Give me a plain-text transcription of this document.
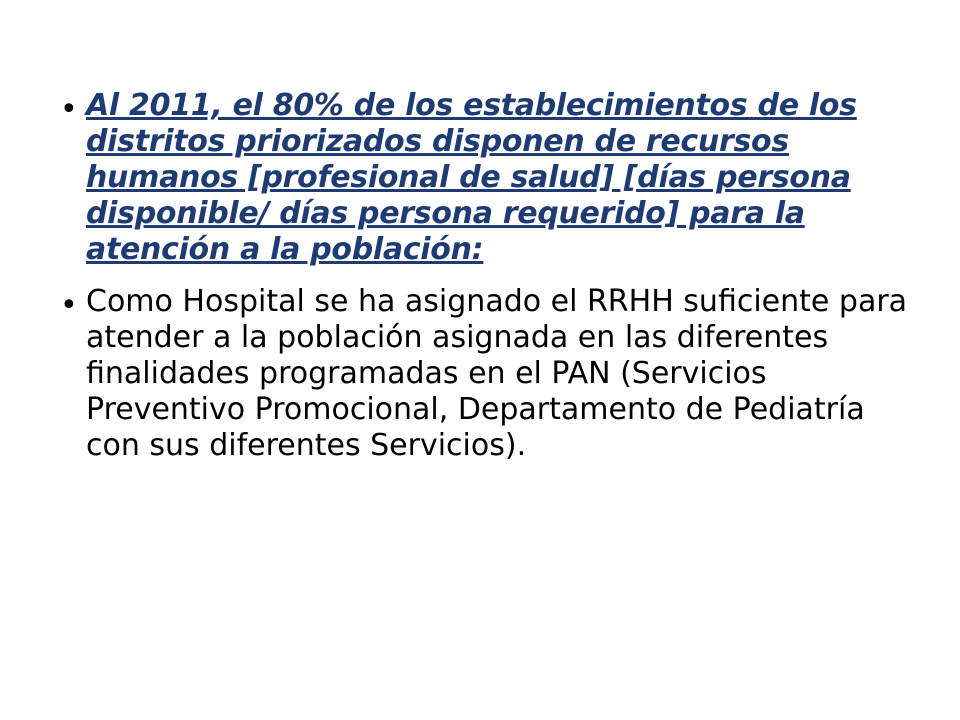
• Al 2011, el 80% de los establecimientos de los distritos priorizados disponen de recursos humanos [profesional de salud] [días persona disponible/ días persona requerido] para la atención a la población:
• Como Hospital se ha asignado el RRHH suficiente para atender a la población asignada en las diferentes finalidades programadas en el PAN (Servicios Preventivo Promocional, Departamento de Pediatría con sus diferentes Servicios).
